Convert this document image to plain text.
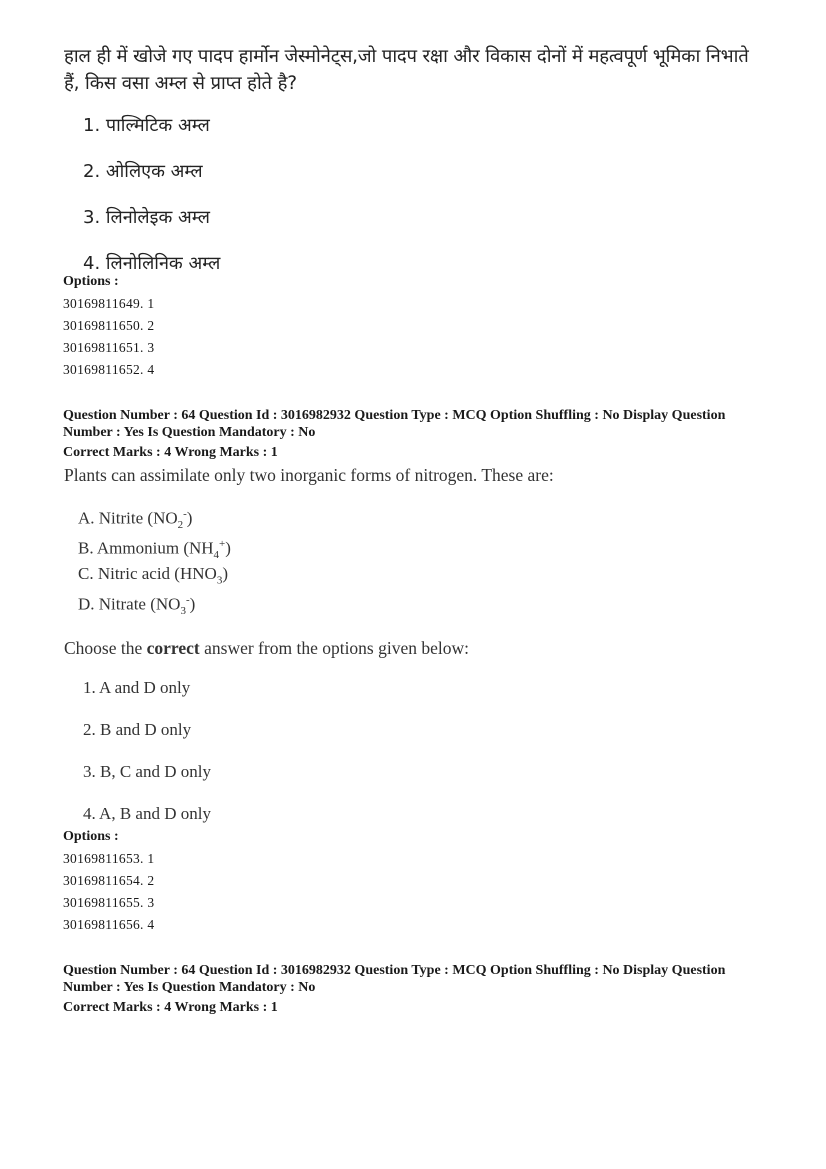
हाल ही में खोजे गए पादप हार्मोन जेस्मोनेट्स,जो पादप रक्षा और विकास दोनों में महत्वपूर्ण भूमिका निभाते
हैं, किस वसा अम्ल से प्राप्त होते है?
1. पाल्मिटिक अम्ल
2. ओलिएक अम्ल
3. लिनोलेइक अम्ल
4. लिनोलिनिक अम्ल
Options :
30169811649. 1
30169811650. 2
30169811651. 3
30169811652. 4
Question Number : 64 Question Id : 3016982932 Question Type : MCQ Option Shuffling : No Display Question
Number : Yes Is Question Mandatory : No
Correct Marks : 4 Wrong Marks : 1
Plants can assimilate only two inorganic forms of nitrogen. These are:
A. Nitrite $(NO_2^-)$
B. Ammonium $(NH_4^+)$
C. Nitric acid $(HNO_3)$
D. Nitrate $(NO_3^-)$
Choose the correct answer from the options given below:
1. A and D only
2. B and D only
3. B, C and D only
4. A, B and D only
Options :
30169811653. 1
30169811654. 2
30169811655. 3
30169811656. 4
Question Number : 64 Question Id : 3016982932 Question Type : MCQ Option Shuffling : No Display Question
Number : Yes Is Question Mandatory : No
Correct Marks : 4 Wrong Marks : 1
